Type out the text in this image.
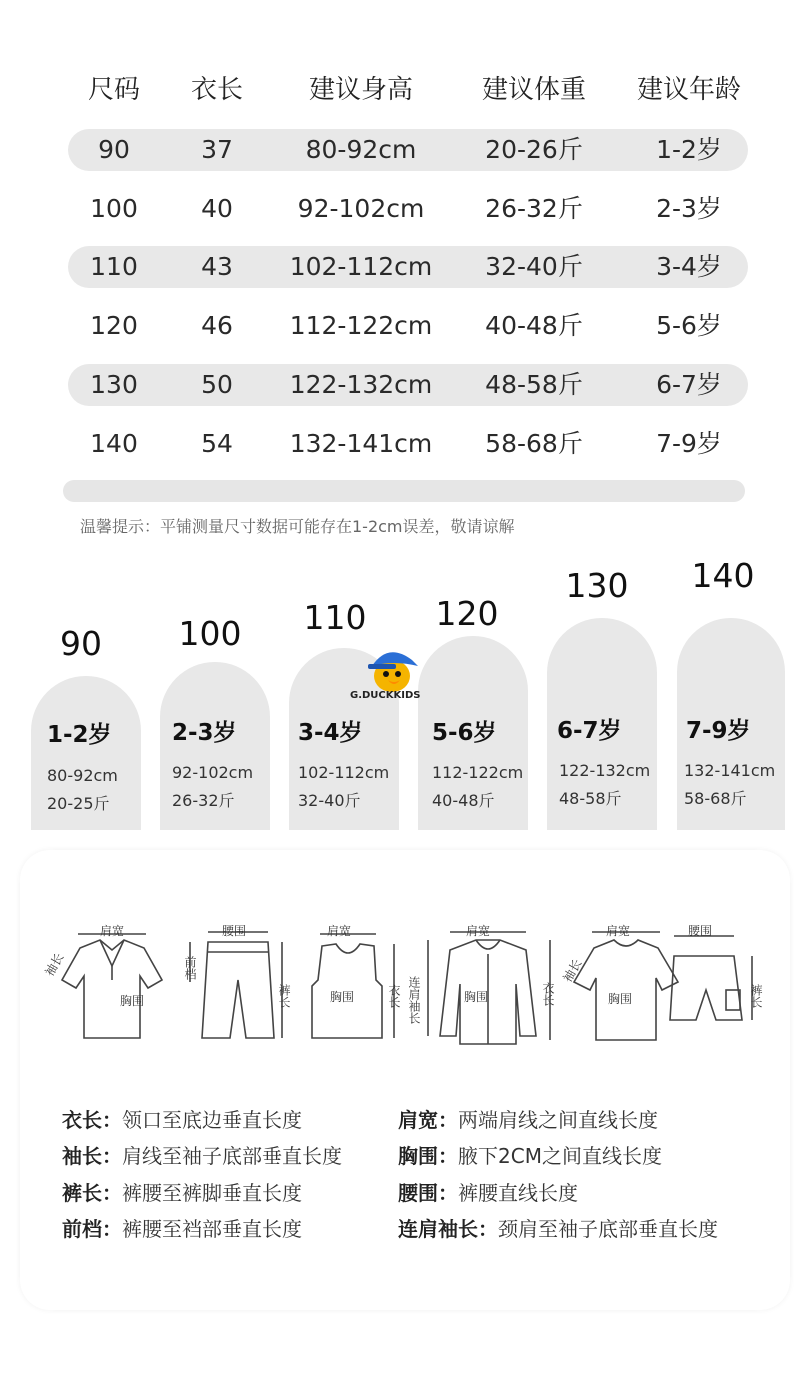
尺码	衣长	建议身高	建议体重	建议年龄
90	37	80-92cm	20-26斤	1-2岁
100	40	92-102cm	26-32斤	2-3岁
110	43	102-112cm	32-40斤	3-4岁
120	46	112-122cm	40-48斤	5-6岁
130	50	122-132cm	48-58斤	6-7岁
140	54	132-141cm	58-68斤	7-9岁
温馨提示：平铺测量尺寸数据可能存在1-2cm误差，敬请谅解
90
1-2岁
80-92cm
20-25斤
100
2-3岁
92-102cm
26-32斤
110
3-4岁
102-112cm
32-40斤
120
5-6岁
112-122cm
40-48斤
130
6-7岁
122-132cm
48-58斤
140
7-9岁
132-141cm
58-68斤
G.DUCKKIDS
肩宽
胸围
袖长
腰围
前档
裤长
肩宽
胸围	衣长
肩宽
胸围
连肩袖长	衣长
肩宽
胸围
袖长
腰围
裤长
衣长：领口至底边垂直长度	肩宽：两端肩线之间直线长度
袖长：肩线至袖子底部垂直长度	胸围：腋下2CM之间直线长度
裤长：裤腰至裤脚垂直长度	腰围：裤腰直线长度
前档：裤腰至裆部垂直长度	连肩袖长：颈肩至袖子底部垂直长度
